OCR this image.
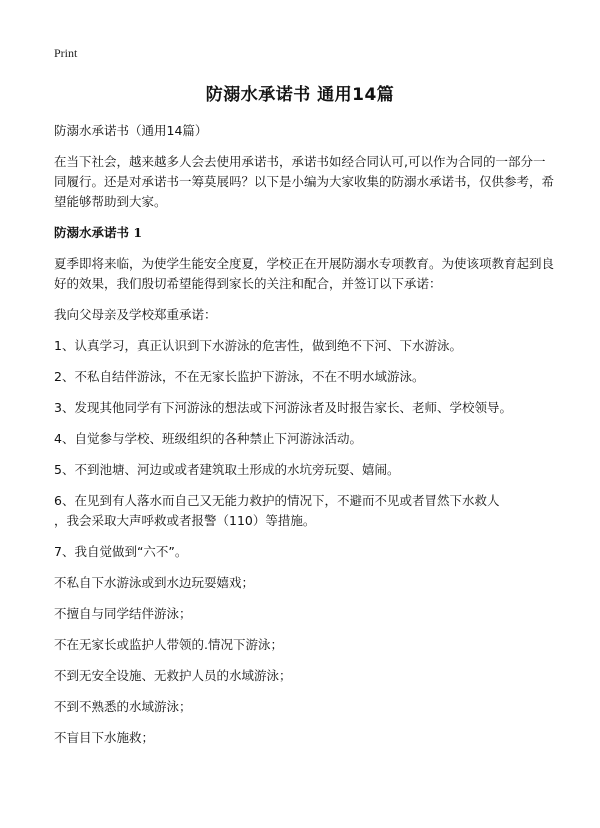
Print
防溺水承诺书 通用14篇

防溺水承诺书（通用14篇）

在当下社会，越来越多人会去使用承诺书，承诺书如经合同认可,可以作为合同的一部分一同履行。还是对承诺书一筹莫展吗？以下是小编为大家收集的防溺水承诺书，仅供参考，希望能够帮助到大家。

防溺水承诺书 1

夏季即将来临，为使学生能安全度夏，学校正在开展防溺水专项教育。为使该项教育起到良好的效果，我们殷切希望能得到家长的关注和配合，并签订以下承诺：

我向父母亲及学校郑重承诺：

1、认真学习，真正认识到下水游泳的危害性，做到绝不下河、下水游泳。

2、不私自结伴游泳，不在无家长监护下游泳，不在不明水域游泳。

3、发现其他同学有下河游泳的想法或下河游泳者及时报告家长、老师、学校领导。

4、自觉参与学校、班级组织的各种禁止下河游泳活动。

5、不到池塘、河边或或者建筑取土形成的水坑旁玩耍、嬉闹。

6、在见到有人落水而自己又无能力救护的情况下，不避而不见或者冒然下水救人
，我会采取大声呼救或者报警（110）等措施。

7、我自觉做到“六不”。

不私自下水游泳或到水边玩耍嬉戏；

不擅自与同学结伴游泳；

不在无家长或监护人带领的.情况下游泳；

不到无安全设施、无救护人员的水域游泳；

不到不熟悉的水域游泳；

不盲目下水施救；
